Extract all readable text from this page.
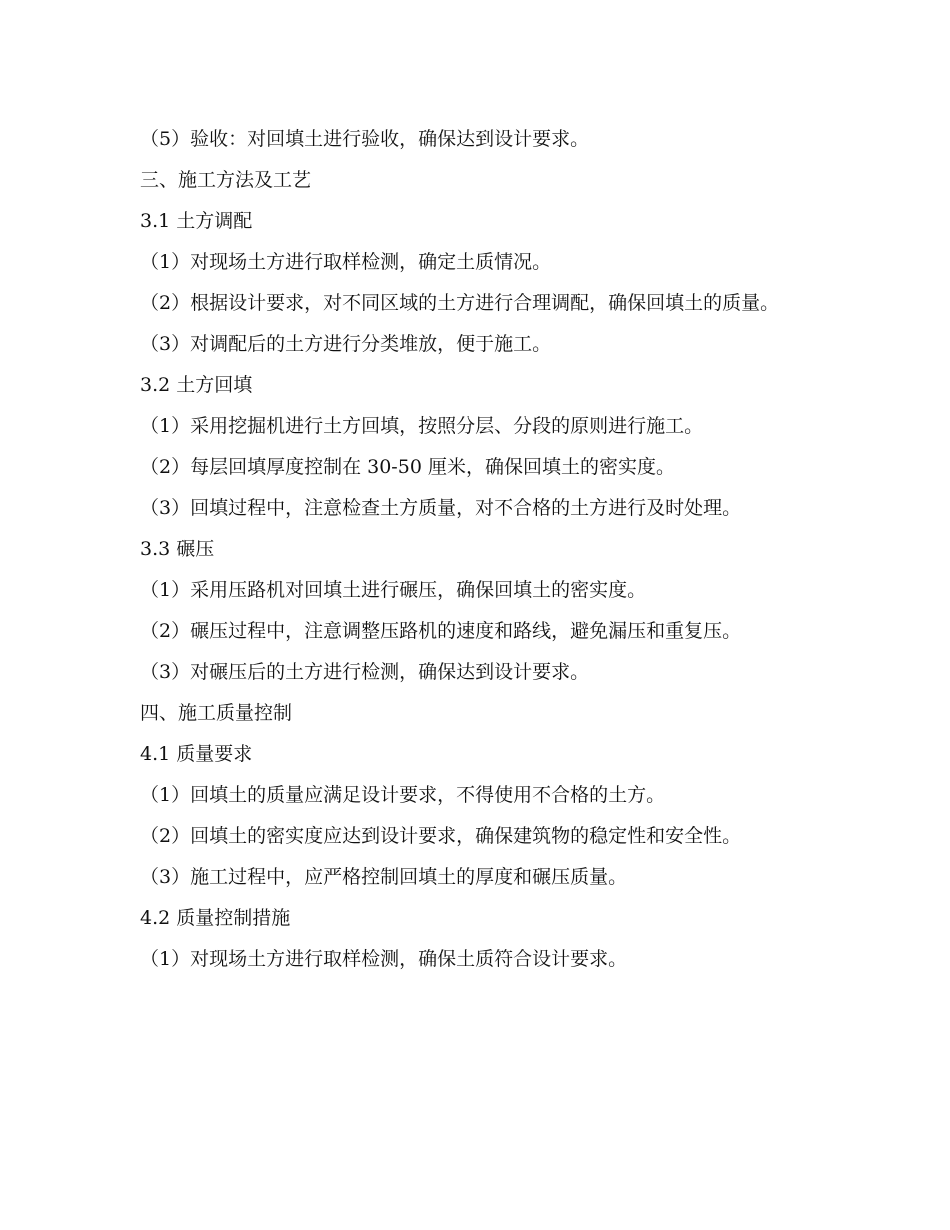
（5）验收：对回填土进行验收，确保达到设计要求。

三、施工方法及工艺

3.1 土方调配

（1）对现场土方进行取样检测，确定土质情况。

（2）根据设计要求，对不同区域的土方进行合理调配，确保回填土的质量。

（3）对调配后的土方进行分类堆放，便于施工。

3.2 土方回填

（1）采用挖掘机进行土方回填，按照分层、分段的原则进行施工。

（2）每层回填厚度控制在 30-50 厘米，确保回填土的密实度。

（3）回填过程中，注意检查土方质量，对不合格的土方进行及时处理。

3.3 碾压

（1）采用压路机对回填土进行碾压，确保回填土的密实度。

（2）碾压过程中，注意调整压路机的速度和路线，避免漏压和重复压。

（3）对碾压后的土方进行检测，确保达到设计要求。

四、施工质量控制

4.1 质量要求

（1）回填土的质量应满足设计要求，不得使用不合格的土方。

（2）回填土的密实度应达到设计要求，确保建筑物的稳定性和安全性。

（3）施工过程中，应严格控制回填土的厚度和碾压质量。

4.2 质量控制措施

（1）对现场土方进行取样检测，确保土质符合设计要求。
